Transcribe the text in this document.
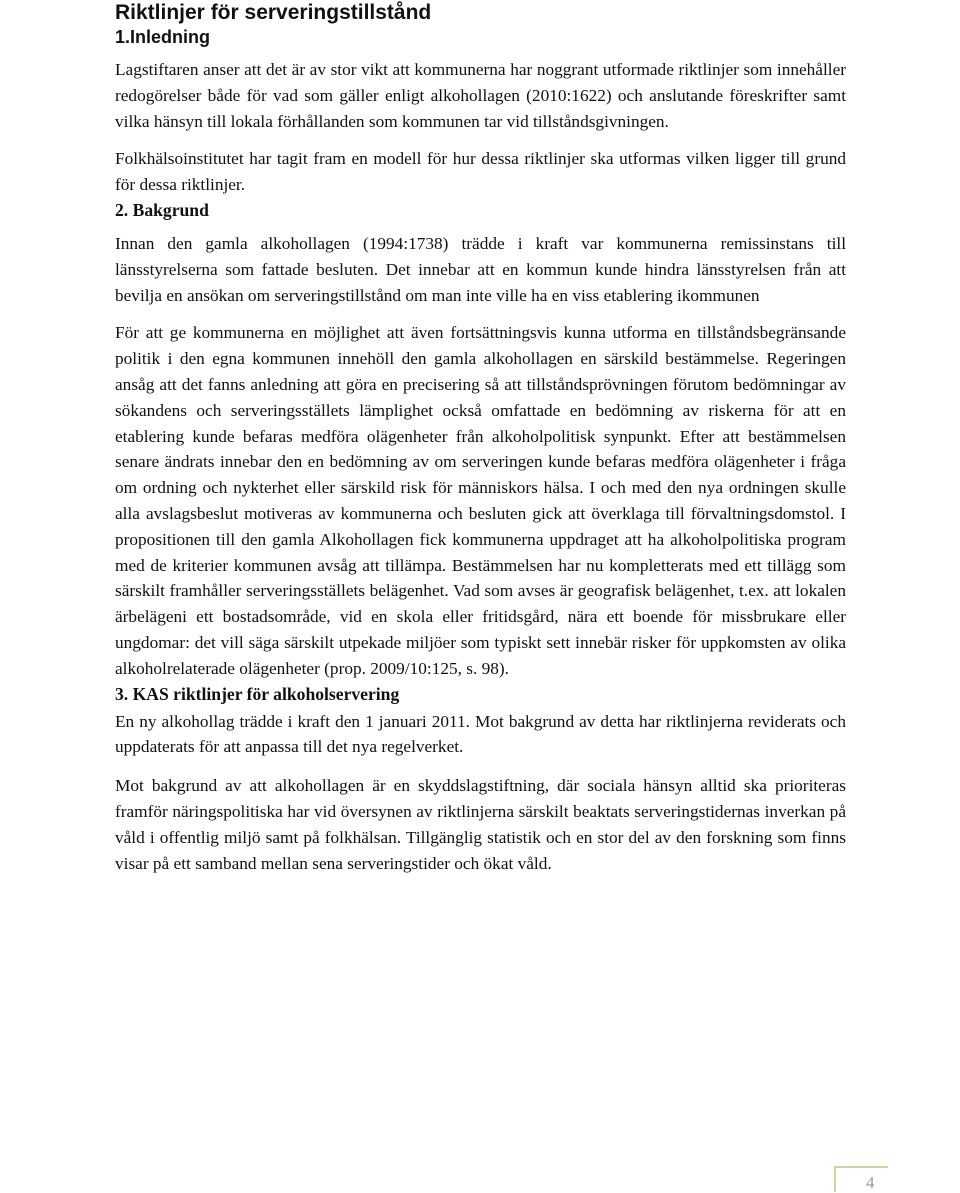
Riktlinjer för serveringstillstånd
1.Inledning

Lagstiftaren anser att det är av stor vikt att kommunerna har noggrant utformade riktlinjer som innehåller redogörelser både för vad som gäller enligt alkohollagen (2010:1622) och anslutande föreskrifter samt vilka hänsyn till lokala förhållanden som kommunen tar vid tillståndsgivningen.

Folkhälsoinstitutet har tagit fram en modell för hur dessa riktlinjer ska utformas vilken ligger till grund för dessa riktlinjer.

2. Bakgrund

Innan den gamla alkohollagen (1994:1738) trädde i kraft var kommunerna remissinstans till länsstyrelserna som fattade besluten. Det innebar att en kommun kunde hindra länsstyrelsen från att bevilja en ansökan om serveringstillstånd om man inte ville ha en viss etablering ikommunen

För att ge kommunerna en möjlighet att även fortsättningsvis kunna utforma en tillståndsbegränsande politik i den egna kommunen innehöll den gamla alkohollagen en särskild bestämmelse. Regeringen ansåg att det fanns anledning att göra en precisering så att tillståndsprövningen förutom bedömningar av sökandens och serveringsställets lämplighet också omfattade en bedömning av riskerna för att en etablering kunde befaras medföra olägenheter från alkoholpolitisk synpunkt. Efter att bestämmelsen senare ändrats innebar den en bedömning av om serveringen kunde befaras medföra olägenheter i fråga om ordning och nykterhet eller särskild risk för människors hälsa. I och med den nya ordningen skulle alla avslagsbeslut motiveras av kommunerna och besluten gick att överklaga till förvaltningsdomstol. I propositionen till den gamla Alkohollagen fick kommunerna uppdraget att ha alkoholpolitiska program med de kriterier kommunen avsåg att tillämpa. Bestämmelsen har nu kompletterats med ett tillägg som särskilt framhåller serveringsställets belägenhet. Vad som avses är geografisk belägenhet, t.ex. att lokalen ärbelägeni ett bostadsområde, vid en skola eller fritidsgård, nära ett boende för missbrukare eller ungdomar: det vill säga särskilt utpekade miljöer som typiskt sett innebär risker för uppkomsten av olika alkoholrelaterade olägenheter (prop. 2009/10:125, s. 98).

3. KAS riktlinjer för alkoholservering

En ny alkohollag trädde i kraft den 1 januari 2011. Mot bakgrund av detta har riktlinjerna reviderats och uppdaterats för att anpassa till det nya regelverket.

Mot bakgrund av att alkohollagen är en skyddslagstiftning, där sociala hänsyn alltid ska prioriteras framför näringspolitiska har vid översynen av riktlinjerna särskilt beaktats serveringstidernas inverkan på våld i offentlig miljö samt på folkhälsan. Tillgänglig statistik och en stor del av den forskning som finns visar på ett samband mellan sena serveringstider och ökat våld.

4
